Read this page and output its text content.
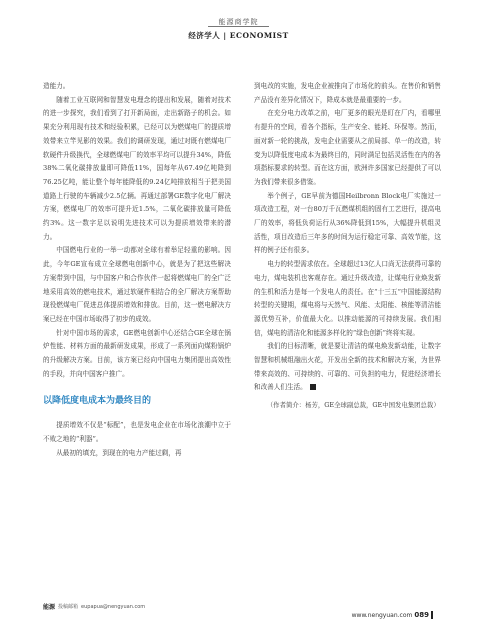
能源商学院
经济学人 | ECONOMIST

造能力。

随着工业互联网和智慧发电理念的提出和发展，随着对技术的进一步探究，我们看到了打开新局面，走出新路子的机会。如果充分利用现有技术和经验积累，已经可以为燃煤电厂的提质增效带来立竿见影的效果。我们的调研发现，通过对既有燃煤电厂软硬件升级换代，全球燃煤电厂的效率平均可以提升34%，降低38%二氧化碳排放量即可降低11%，国每年从67.49亿吨降到76.25亿吨，能让整个每年能降低的9.24亿吨排放相当于把美国道路上行驶的车辆减少2.5亿辆。再通过部署GE数字化电厂解决方案，燃煤电厂的效率可提升近1.5%，二氧化碳排放量可降低约3%。这一数字足以说明先进技术可以为提质增效带来的潜力。

中国燃电行业的一举一动都对全球有着举足轻重的影响。因此，今年GE宣布成立全球燃电创新中心，就是为了把这些解决方案带到中国，与中国客户和合作伙伴一起将燃煤电厂的全广泛地采用高效的燃电技术，通过软硬件相结合的全厂解决方案帮助现役燃煤电厂促进总体提质增效和排放。目前，这一燃电解决方案已经在中国市场取得了初步的成效。

针对中国市场的需求，GE燃电创新中心还结合GE全球在锅炉性能、材料方面的最新研发成果，形成了一系列面向煤粉锅炉的升级解决方案。目前，该方案已经向中国电力集团提出高效性的手段，并向中国客户推广。

以降低度电成本为最终目的

提质增效不仅是“标配”，也是发电企业在市场化浪潮中立于不败之地的“利器”。

从最初的填充，到现在的电力产能过剩，再

到电改的实施，发电企业被推向了市场化的前头。在售价和销售产品没有差异化情况下，降成本就是最重要的一步。

在充分电力改革之前，电厂更多的眼光是盯在厂内，看哪里有提升的空间，看各个指标，生产安全、能耗、环保等。然而，面对新一轮的挑战，发电企业需要从之前局部、单一的改造，转变为以降低度电成本为最终目的，同时满足包括灵活性在内的各项指标要求的转型。而在这方面，欧洲许多国家已经提供了可以为我们带来很多借鉴。

举个例子，GE早前为德国Heilbronn Block电厂实施过一项改造工程，对一台80万千瓦燃煤机组的固有工艺进行，提高电厂的效率，将低负荷运行从36%降低到15%，大幅提升机组灵活性，项目改造后三年多的时间为运行稳定可靠、高效节能，这样的例子还有很多。

电力的转型需求依在。全球超过13亿人口尚无法获得可靠的电力，煤电装机也客观存在。通过升级改造，让煤电行业焕发新的生机和活力是每一个发电人的责任。在“十三五”中国能源结构转型的关键期，煤电将与天然气、风能、太阳能、核能等清洁能源优势互补，价值最大化。以推动能源的可持续发展。我们相信，煤电的清洁化和能源多样化的“绿色创新”终将实现。

我们的目标清晰，就是要让清洁的煤电焕发新动能，让数字智慧和机械组融出火花，开发出全新的技术和解决方案，为世界带来高效的、可持续的、可靠的、可负担的电力，促进经济增长和改善人们生活。

（作者简介：杨芳，GE全球副总裁，GE中国发电集团总裁）

能源 投稿邮箱 eupapua@nengyuan.com
www.nengyuan.com 089
